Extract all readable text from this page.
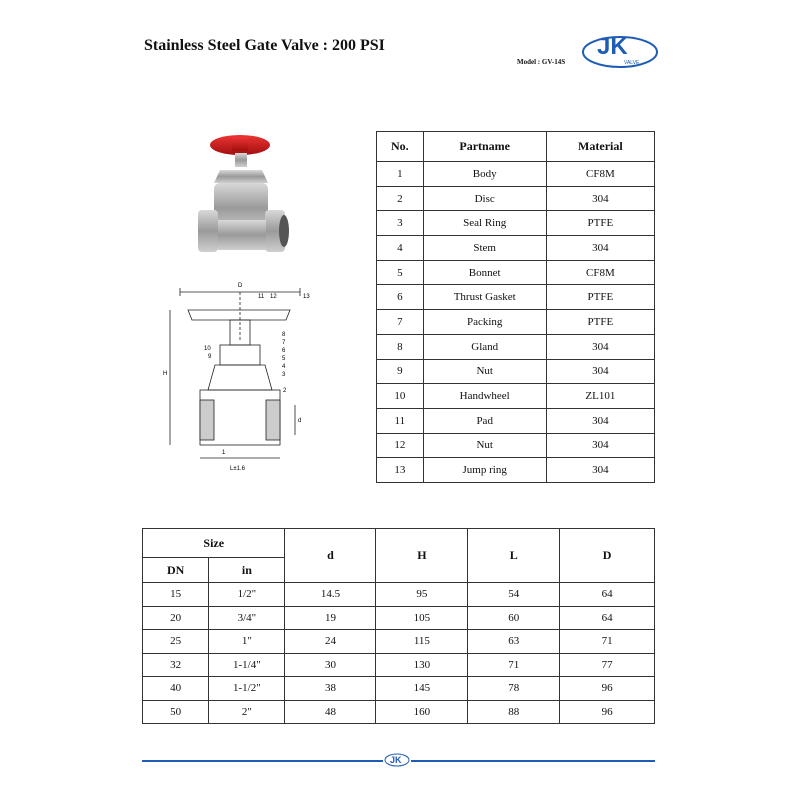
Stainless Steel Gate Valve : 200 PSI
Model : GV-14S
JK
VALVE
D
H
L±1.6
d
1
2
3
4
5
6
7
8
9
10
11 12	13
No.	Partname	Material
1	Body	CF8M
2	Disc	304
3	Seal Ring	PTFE
4	Stem	304
5	Bonnet	CF8M
6	Thrust Gasket	PTFE
7	Packing	PTFE
8	Gland	304
9	Nut	304
10	Handwheel	ZL101
11	Pad	304
12	Nut	304
13	Jump ring	304
Size		d	H	L	D
DN	in				
15	1/2"	14.5	95	54	64
20	3/4"	19	105	60	64
25	1"	24	115	63	71
32	1-1/4"	30	130	71	77
40	1-1/2"	38	145	78	96
50	2"	48	160	88	96
JK
